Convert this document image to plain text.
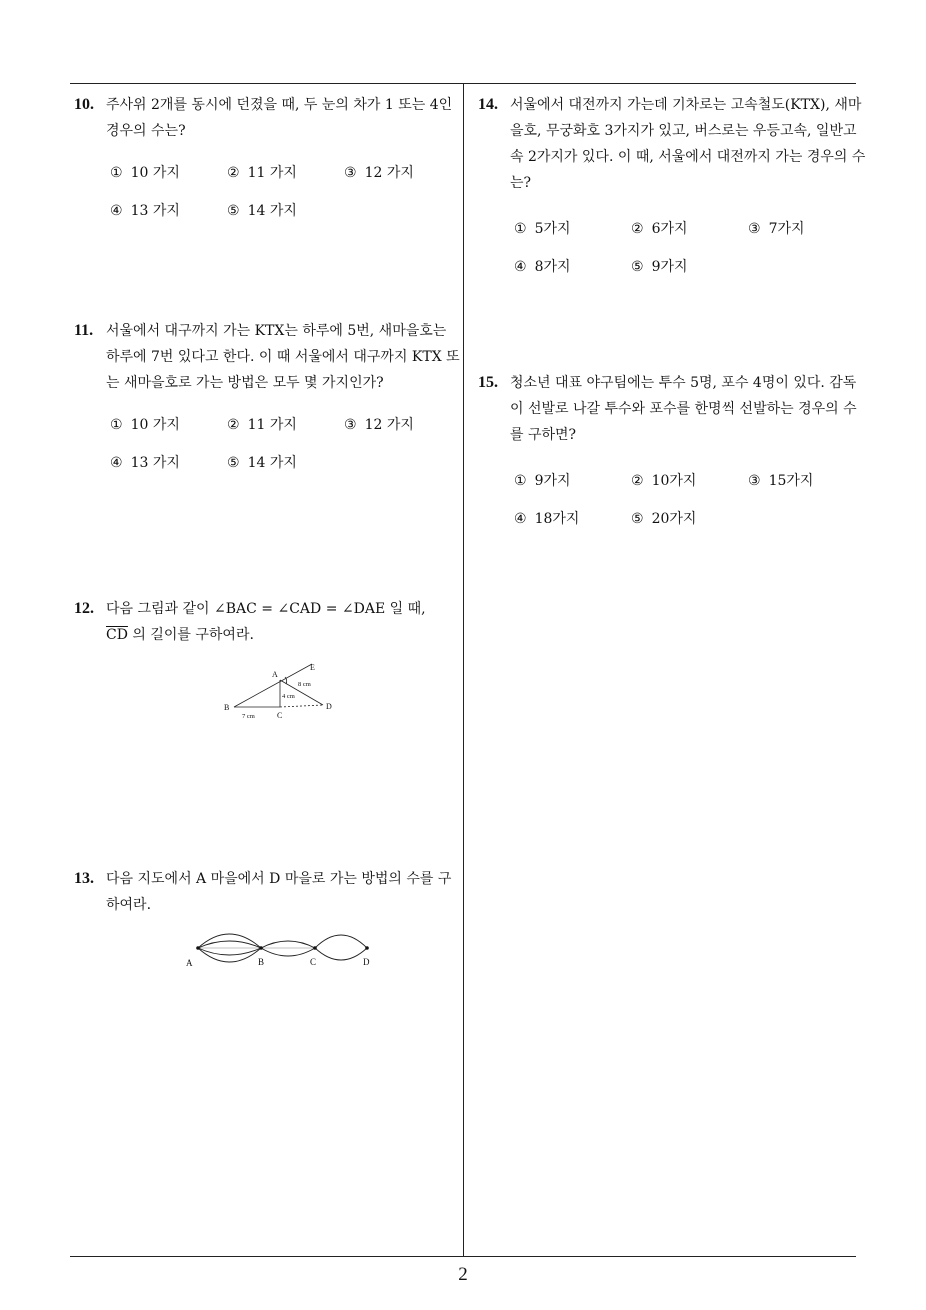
2
10. 주사위 2개를 동시에 던졌을 때, 두 눈의 차가 1 또는 4인 경우의 수는?
① 10 가지	② 11 가지	③ 12 가지
④ 13 가지	⑤ 14 가지
11. 서울에서 대구까지 가는 KTX는 하루에 5번, 새마을호는 하루에 7번 있다고 한다. 이 때 서울에서 대구까지 KTX 또는 새마을호로 가는 방법은 모두 몇 가지인가?
① 10 가지	② 11 가지	③ 12 가지
④ 13 가지	⑤ 14 가지
12. 다음 그림과 같이 ∠BAC = ∠CAD = ∠DAE 일 때,
$\overline{CD}$ 의 길이를 구하여라.
B
A
C
D
E
7 cm
4 cm
8 cm
13. 다음 지도에서 A 마을에서 D 마을로 가는 방법의 수를 구하여라.
A	B	C	D
14. 서울에서 대전까지 가는데 기차로는 고속철도(KTX), 새마을호, 무궁화호 3가지가 있고, 버스로는 우등고속, 일반고속 2가지가 있다. 이 때, 서울에서 대전까지 가는 경우의 수는?
① 5가지	② 6가지	③ 7가지
④ 8가지	⑤ 9가지
15. 청소년 대표 야구팀에는 투수 5명, 포수 4명이 있다. 감독이 선발로 나갈 투수와 포수를 한명씩 선발하는 경우의 수를 구하면?
① 9가지	② 10가지	③ 15가지
④ 18가지	⑤ 20가지
